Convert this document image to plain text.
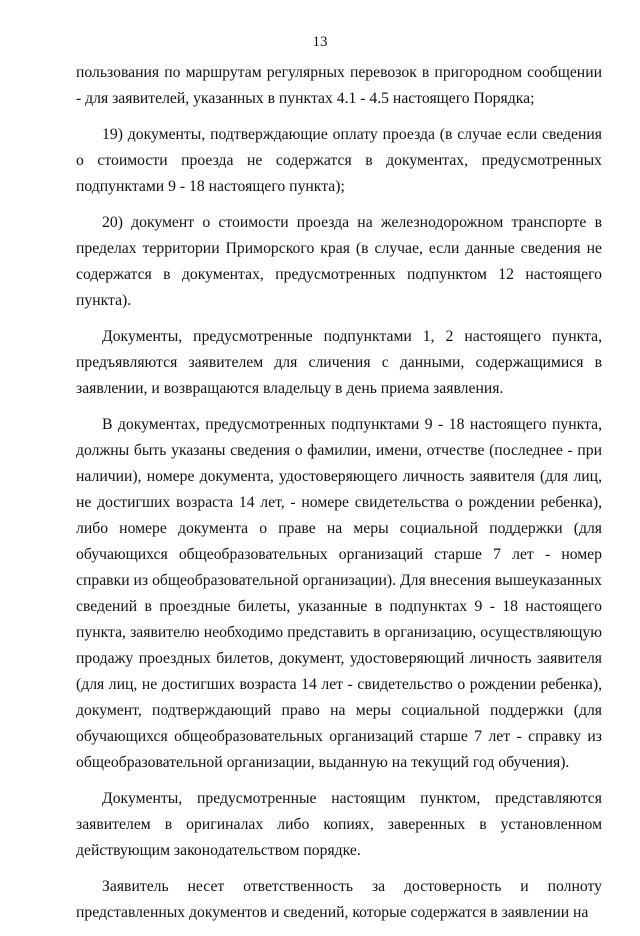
13

пользования по маршрутам регулярных перевозок в пригородном сообщении - для заявителей, указанных в пунктах 4.1 - 4.5 настоящего Порядка;

19) документы, подтверждающие оплату проезда (в случае если сведения о стоимости проезда не содержатся в документах, предусмотренных подпунктами 9 - 18 настоящего пункта);

20) документ о стоимости проезда на железнодорожном транспорте в пределах территории Приморского края (в случае, если данные сведения не содержатся в документах, предусмотренных подпунктом 12 настоящего пункта).

Документы, предусмотренные подпунктами 1, 2 настоящего пункта, предъявляются заявителем для сличения с данными, содержащимися в заявлении, и возвращаются владельцу в день приема заявления.

В документах, предусмотренных подпунктами 9 - 18 настоящего пункта, должны быть указаны сведения о фамилии, имени, отчестве (последнее - при наличии), номере документа, удостоверяющего личность заявителя (для лиц, не достигших возраста 14 лет, - номере свидетельства о рождении ребенка), либо номере документа о праве на меры социальной поддержки (для обучающихся общеобразовательных организаций старше 7 лет - номер справки из общеобразовательной организации). Для внесения вышеуказанных сведений в проездные билеты, указанные в подпунктах 9 - 18 настоящего пункта, заявителю необходимо представить в организацию, осуществляющую продажу проездных билетов, документ, удостоверяющий личность заявителя (для лиц, не достигших возраста 14 лет - свидетельство о рождении ребенка), документ, подтверждающий право на меры социальной поддержки (для обучающихся общеобразовательных организаций старше 7 лет - справку из общеобразовательной организации, выданную на текущий год обучения).

Документы, предусмотренные настоящим пунктом, представляются заявителем в оригиналах либо копиях, заверенных в установленном действующим законодательством порядке.

Заявитель несет ответственность за достоверность и полноту представленных документов и сведений, которые содержатся в заявлении на
